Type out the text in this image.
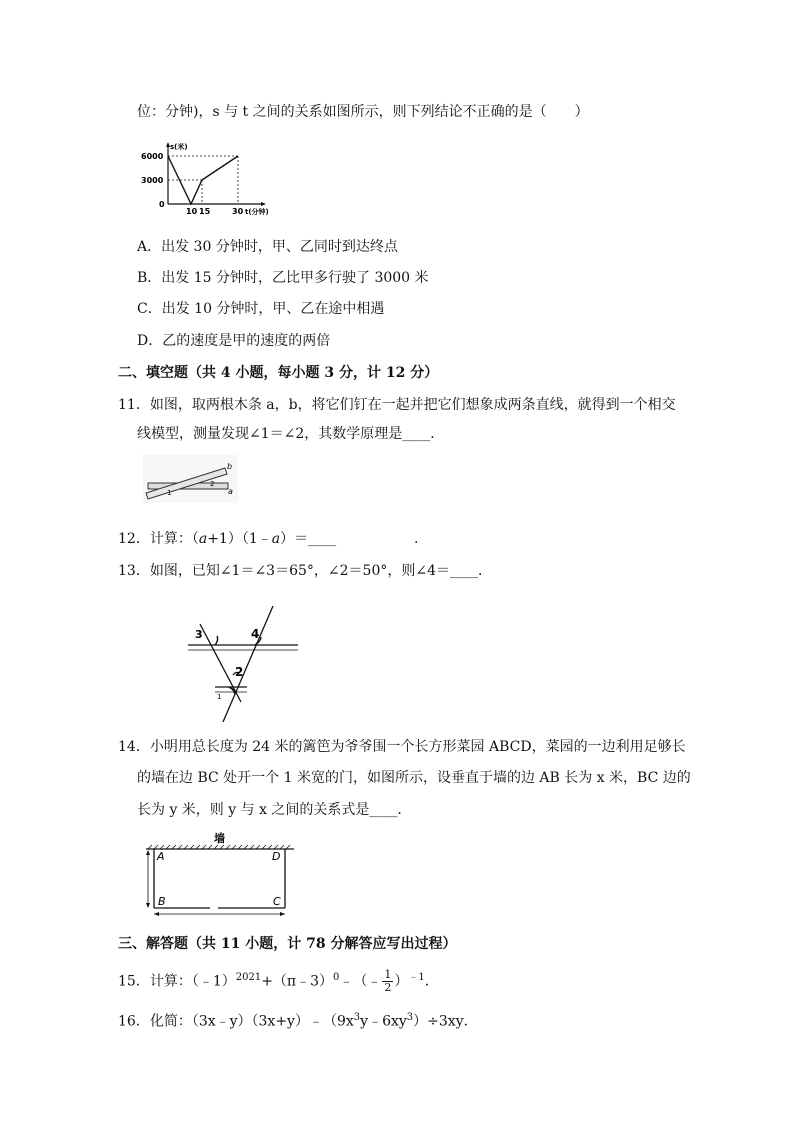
位：分钟)，s 与 t 之间的关系如图所示，则下列结论不正确的是（　　）
s(米)
6000
3000
0
10 15	30 t(分钟)
A．出发 30 分钟时，甲、乙同时到达终点
B．出发 15 分钟时，乙比甲多行驶了 3000 米
C．出发 10 分钟时，甲、乙在途中相遇
D．乙的速度是甲的速度的两倍
二、填空题（共 4 小题，每小题 3 分，计 12 分）
11．如图，取两根木条 a，b，将它们钉在一起并把它们想象成两条直线，就得到一个相交
线模型，测量发现∠1＝∠2，其数学原理是____．
b
1
2
a
12．计算：（a+1）（1﹣a）＝____	.
13．如图，已知∠1＝∠3＝65°，∠2＝50°，则∠4＝____．
3	4
2
1
14．小明用总长度为 24 米的篱笆为爷爷围一个长方形菜园 ABCD，菜园的一边利用足够长
的墙在边 BC 处开一个 1 米宽的门，如图所示，设垂直于墙的边 AB 长为 x 米，BC 边的
长为 y 米，则 y 与 x 之间的关系式是____．
墙
A
B	C
D
三、解答题（共 11 小题，计 78 分解答应写出过程）
15．计算：（﹣1）$^{2021}$+（π﹣3）$^0$﹣（﹣ $\frac{1}{2} )^{﹣1}$．
16．化简：$(3x﹣y)(3x+y)﹣(9x^3y﹣6xy^3)\div 3xy$．
